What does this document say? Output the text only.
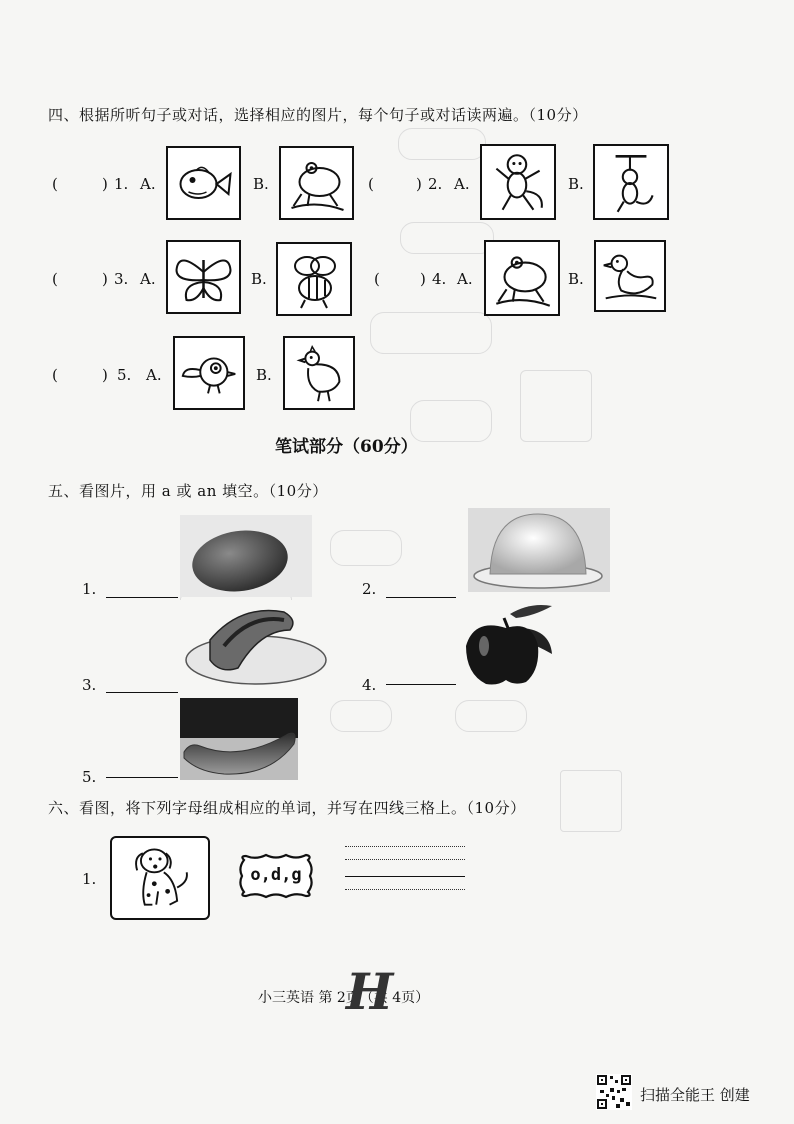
四、根据所听句子或对话，选择相应的图片，每个句子或对话读两遍。（10分）
(	) 1. A.	B.	(	) 2. A.	B.
(	) 3. A.	B.	(	) 4. A.	B.
(	) 5. A.	B.
笔试部分（60分）
五、看图片，用 a 或 an 填空。（10分）
1.	2.
3.	4.
5.
六、看图，将下列字母组成相应的单词，并写在四线三格上。（10分）
1.	o,d,g
小三英语 第 2页（共 4页）
H
扫描全能王 创建
